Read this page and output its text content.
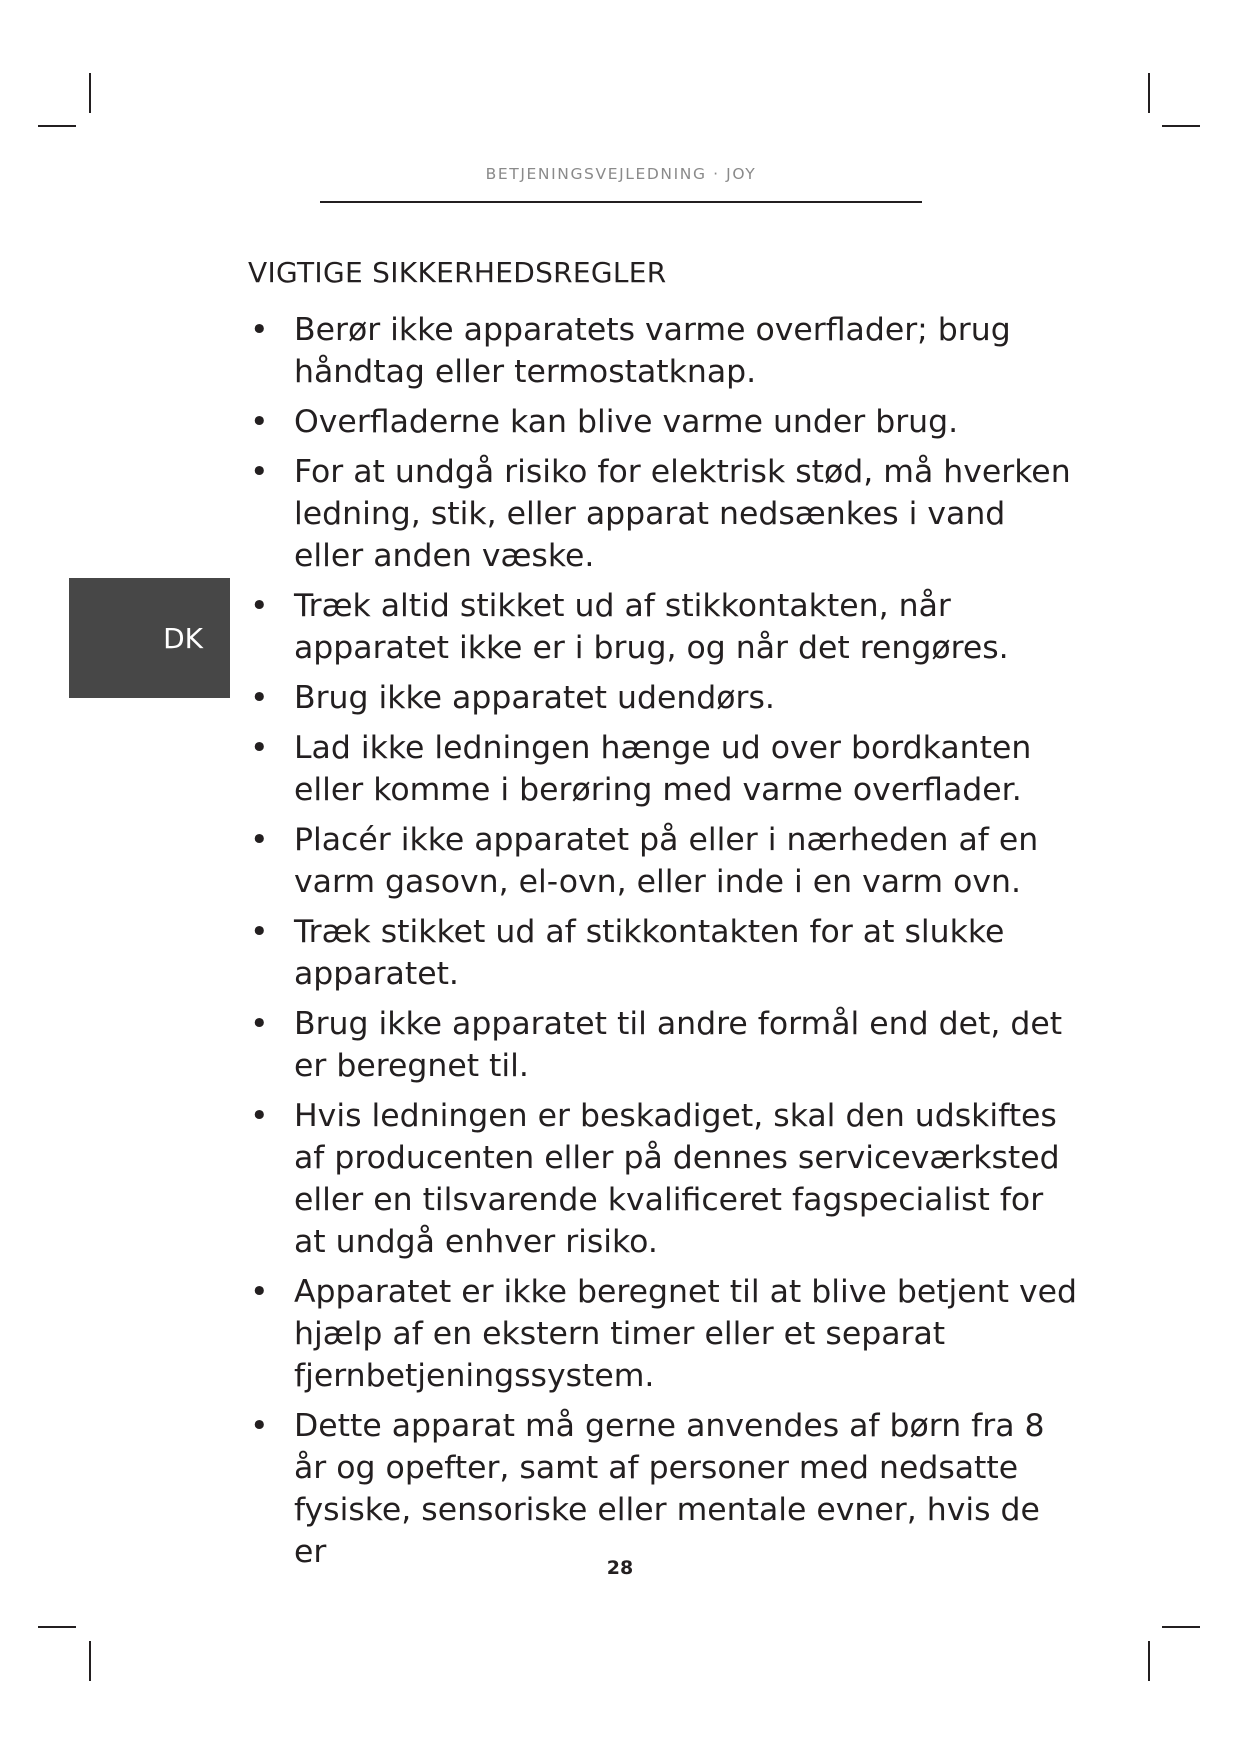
BETJENINGSVEJLEDNING · JOY
DK
VIGTIGE SIKKERHEDSREGLER
• Berør ikke apparatets varme overflader; brug håndtag eller termostatknap.
• Overfladerne kan blive varme under brug.
• For at undgå risiko for elektrisk stød, må hverken ledning, stik, eller apparat nedsænkes i vand eller anden væske.
• Træk altid stikket ud af stikkontakten, når apparatet ikke er i brug, og når det rengøres.
• Brug ikke apparatet udendørs.
• Lad ikke ledningen hænge ud over bordkanten eller komme i berøring med varme overflader.
• Placér ikke apparatet på eller i nærheden af en varm gasovn, el-ovn, eller inde i en varm ovn.
• Træk stikket ud af stikkontakten for at slukke apparatet.
• Brug ikke apparatet til andre formål end det, det er beregnet til.
• Hvis ledningen er beskadiget, skal den udskiftes af producenten eller på dennes serviceværksted eller en tilsvarende kvalificeret fagspecialist for at undgå enhver risiko.
• Apparatet er ikke beregnet til at blive betjent ved hjælp af en ekstern timer eller et separat fjernbetjeningssystem.
• Dette apparat må gerne anvendes af børn fra 8 år og opefter, samt af personer med nedsatte fysiske, sensoriske eller mentale evner, hvis de er	28
